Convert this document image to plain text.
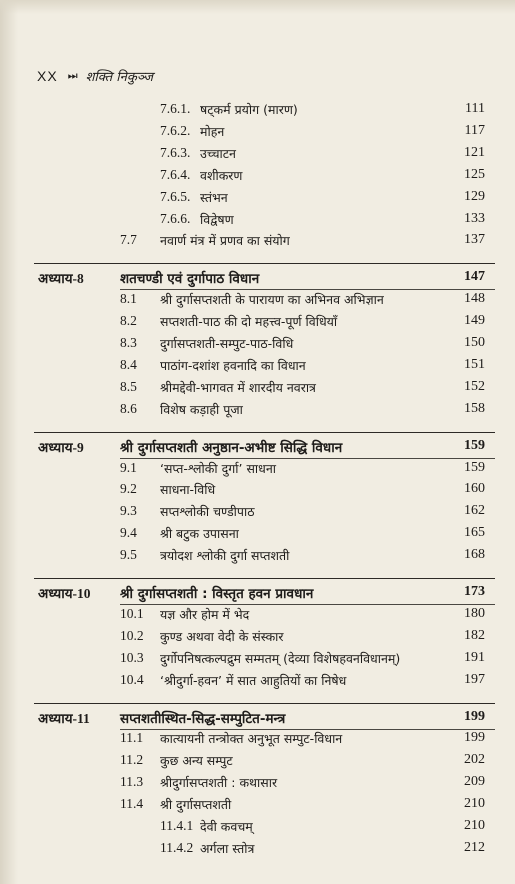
XX ⏭ शक्ति निकुञ्ज
7.6.1. षट्कर्म प्रयोग (मारण)	111
7.6.2. मोहन	117
7.6.3. उच्चाटन	121
7.6.4. वशीकरण	125
7.6.5. स्तंभन	129
7.6.6. विद्वेषण	133
7.7 नवार्ण मंत्र में प्रणव का संयोग	137
अध्याय-8	शतचण्डी एवं दुर्गापाठ विधान	147
8.1 श्री दुर्गासप्तशती के पारायण का अभिनव अभिज्ञान	148
8.2 सप्तशती-पाठ की दो महत्त्व-पूर्ण विधियाँ	149
8.3 दुर्गासप्तशती-सम्पुट-पाठ-विधि	150
8.4 पाठांग-दशांश हवनादि का विधान	151
8.5 श्रीमद्देवी-भागवत में शारदीय नवरात्र	152
8.6 विशेष कड़ाही पूजा	158
अध्याय-9	श्री दुर्गासप्तशती अनुष्ठान-अभीष्ट सिद्धि विधान	159
9.1 ‘सप्त-श्लोकी दुर्गा’ साधना	159
9.2 साधना-विधि	160
9.3 सप्तश्लोकी चण्डीपाठ	162
9.4 श्री बटुक उपासना	165
9.5 त्रयोदश श्लोकी दुर्गा सप्तशती	168
अध्याय-10 श्री दुर्गासप्तशती : विस्तृत हवन प्रावधान	173
10.1 यज्ञ और होम में भेद	180
10.2 कुण्ड अथवा वेदी के संस्कार	182
10.3 दुर्गोपनिषत्कल्पद्रुम सम्मतम् (देव्या विशेषहवनविधानम्)	191
10.4 ‘श्रीदुर्गा-हवन’ में सात आहुतियों का निषेध	197
अध्याय-11 सप्तशतीस्थित-सिद्ध-सम्पुटित-मन्त्र	199
11.1 कात्यायनी तन्त्रोक्त अनुभूत सम्पुट-विधान	199
11.2 कुछ अन्य सम्पुट	202
11.3 श्रीदुर्गासप्तशती : कथासार	209
11.4 श्री दुर्गासप्तशती	210
11.4.1 देवी कवचम्	210
11.4.2 अर्गला स्तोत्र	212
